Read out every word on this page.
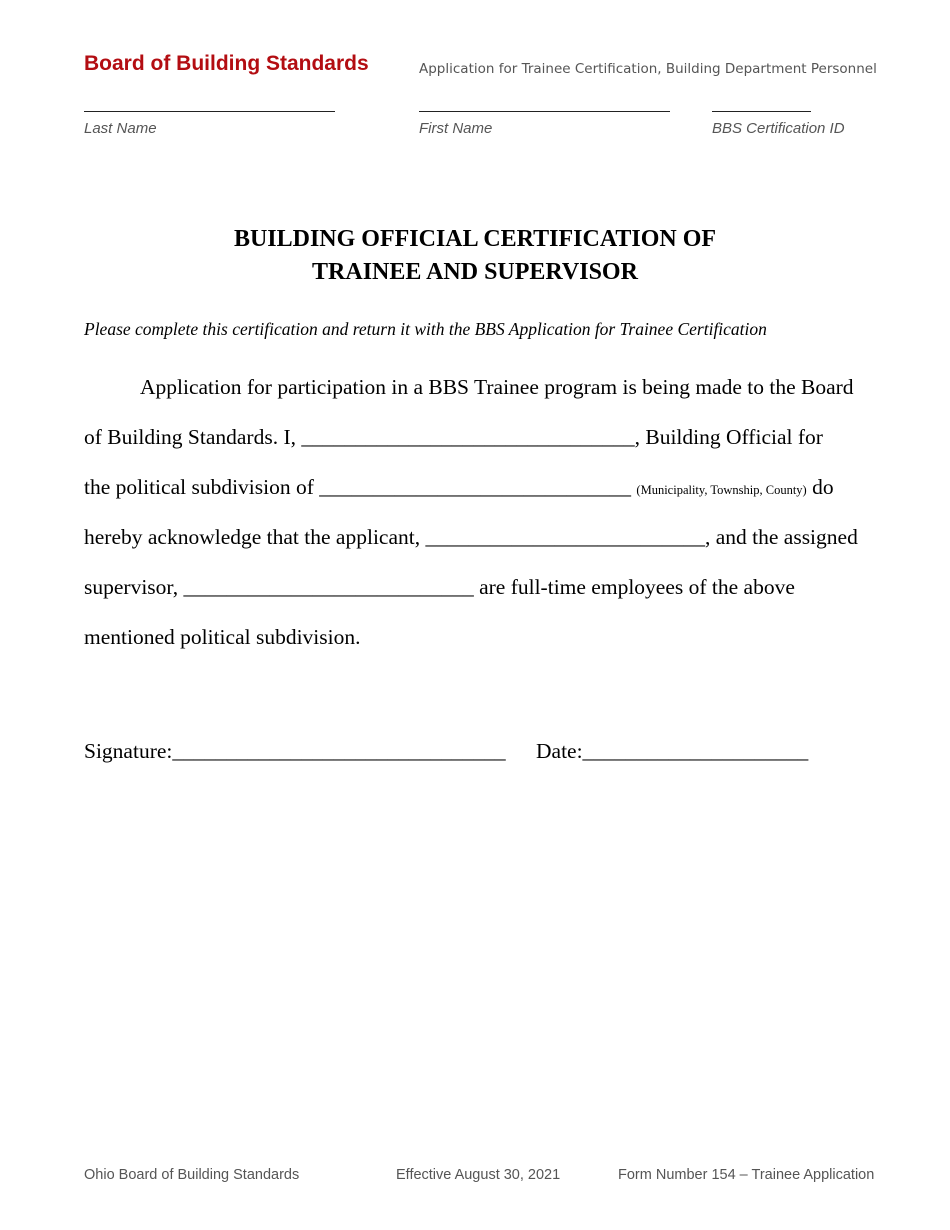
Board of Building Standards	Application for Trainee Certification, Building Department Personnel
Last Name	First Name	BBS Certification ID
BUILDING OFFICIAL CERTIFICATION OF
TRAINEE AND SUPERVISOR
Please complete this certification and return it with the BBS Application for Trainee Certification
Application for participation in a BBS Trainee program is being made to the Board
of Building Standards. I, _______________________________, Building Official for
the political subdivision of _____________________________ (Municipality, Township, County) do
hereby acknowledge that the applicant, __________________________, and the assigned
supervisor, ___________________________ are full-time employees of the above
mentioned political subdivision.
Signature:_______________________________ Date:_____________________
Ohio Board of Building Standards	Effective August 30, 2021	Form Number 154 – Trainee Application
